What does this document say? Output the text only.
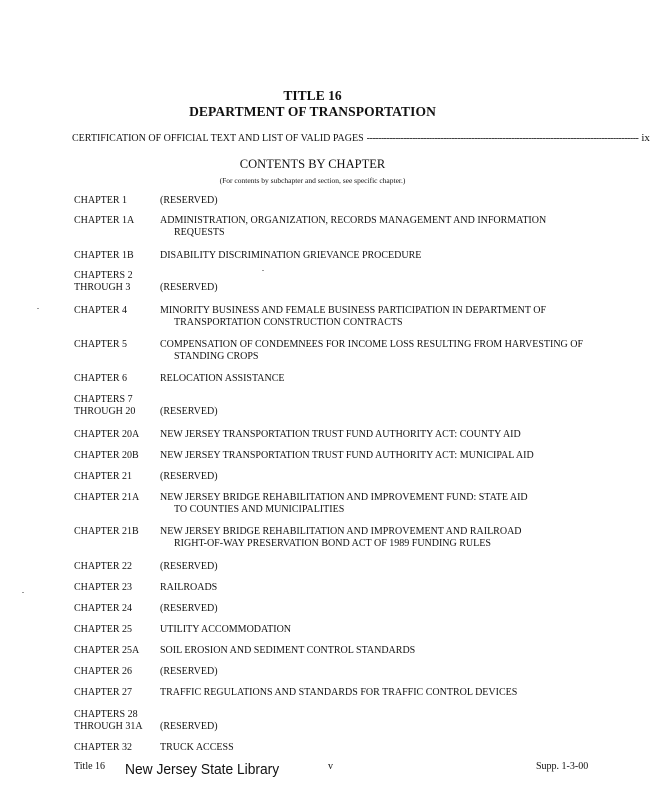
TITLE 16
DEPARTMENT OF TRANSPORTATION
CERTIFICATION OF OFFICIAL TEXT AND LIST OF VALID PAGES ------------------------------------------------------------------------------------------------ ix
CONTENTS BY CHAPTER
(For contents by subchapter and section, see specific chapter.)
CHAPTER 1	(RESERVED)
CHAPTER 1A	ADMINISTRATION, ORGANIZATION, RECORDS MANAGEMENT AND INFORMATION
REQUESTS
CHAPTER 1B	DISABILITY DISCRIMINATION GRIEVANCE PROCEDURE
CHAPTERS 2
THROUGH 3	(RESERVED)
CHAPTER 4	MINORITY BUSINESS AND FEMALE BUSINESS PARTICIPATION IN DEPARTMENT OF
TRANSPORTATION CONSTRUCTION CONTRACTS
CHAPTER 5	COMPENSATION OF CONDEMNEES FOR INCOME LOSS RESULTING FROM HARVESTING OF
STANDING CROPS
CHAPTER 6	RELOCATION ASSISTANCE
CHAPTERS 7
THROUGH 20	(RESERVED)
CHAPTER 20A	NEW JERSEY TRANSPORTATION TRUST FUND AUTHORITY ACT: COUNTY AID
CHAPTER 20B	NEW JERSEY TRANSPORTATION TRUST FUND AUTHORITY ACT: MUNICIPAL AID
CHAPTER 21	(RESERVED)
CHAPTER 21A	NEW JERSEY BRIDGE REHABILITATION AND IMPROVEMENT FUND: STATE AID
TO COUNTIES AND MUNICIPALITIES
CHAPTER 21B	NEW JERSEY BRIDGE REHABILITATION AND IMPROVEMENT AND RAILROAD
RIGHT-OF-WAY PRESERVATION BOND ACT OF 1989 FUNDING RULES
CHAPTER 22	(RESERVED)
CHAPTER 23	RAILROADS
CHAPTER 24	(RESERVED)
CHAPTER 25	UTILITY ACCOMMODATION
CHAPTER 25A	SOIL EROSION AND SEDIMENT CONTROL STANDARDS
CHAPTER 26	(RESERVED)
CHAPTER 27	TRAFFIC REGULATIONS AND STANDARDS FOR TRAFFIC CONTROL DEVICES
CHAPTERS 28
THROUGH 31A	(RESERVED)
CHAPTER 32	TRUCK ACCESS
Title 16 New Jersey State Library	v	Supp. 1-3-00
